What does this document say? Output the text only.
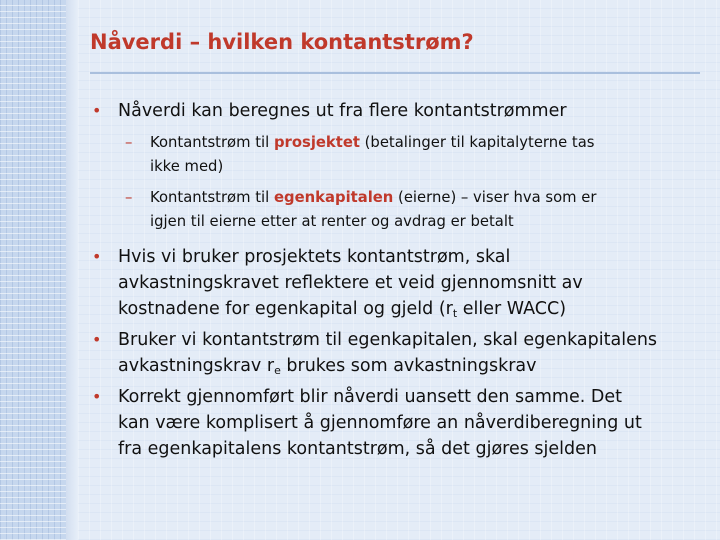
Nåverdi – hvilken kontantstrøm?
• Nåverdi kan beregnes ut fra flere kontantstrømmer
– Kontantstrøm til prosjektet (betalinger til kapitalyterne tas
ikke med)
– Kontantstrøm til egenkapitalen (eierne) – viser hva som er
igjen til eierne etter at renter og avdrag er betalt
• Hvis vi bruker prosjektets kontantstrøm, skal
avkastningskravet reflektere et veid gjennomsnitt av
kostnadene for egenkapital og gjeld ($r_t$ eller WACC)
• Bruker vi kontantstrøm til egenkapitalen, skal egenkapitalens
avkastningskrav $r_e$ brukes som avkastningskrav
• Korrekt gjennomført blir nåverdi uansett den samme. Det
kan være komplisert å gjennomføre an nåverdiberegning ut
fra egenkapitalens kontantstrøm, så det gjøres sjelden
